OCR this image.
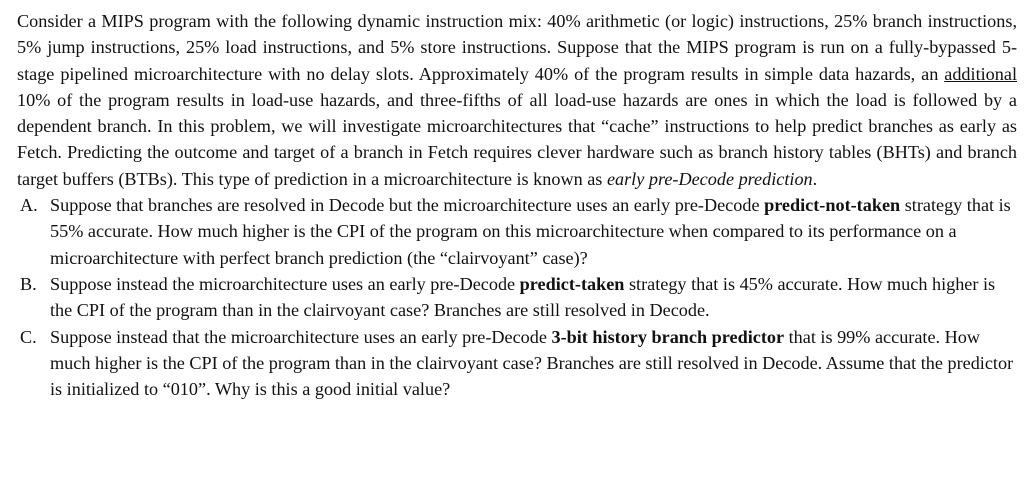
Consider a MIPS program with the following dynamic instruction mix: 40% arithmetic (or logic) instructions, 25% branch instructions, 5% jump instructions, 25% load instructions, and 5% store instructions. Suppose that the MIPS program is run on a fully-bypassed 5-stage pipelined microarchitecture with no delay slots. Approximately 40% of the program results in simple data hazards, an additional 10% of the program results in load-use hazards, and three-fifths of all load-use hazards are ones in which the load is followed by a dependent branch. In this problem, we will investigate microarchitectures that “cache” instructions to help predict branches as early as Fetch. Predicting the outcome and target of a branch in Fetch requires clever hardware such as branch history tables (BHTs) and branch target buffers (BTBs). This type of prediction in a microarchitecture is known as early pre-Decode prediction.

A. Suppose that branches are resolved in Decode but the microarchitecture uses an early pre-Decode predict-not-taken strategy that is 55% accurate. How much higher is the CPI of the program on this microarchitecture when compared to its performance on a microarchitecture with perfect branch prediction (the “clairvoyant” case)?
B. Suppose instead the microarchitecture uses an early pre-Decode predict-taken strategy that is 45% accurate. How much higher is the CPI of the program than in the clairvoyant case? Branches are still resolved in Decode.
C. Suppose instead that the microarchitecture uses an early pre-Decode 3-bit history branch predictor that is 99% accurate. How much higher is the CPI of the program than in the clairvoyant case? Branches are still resolved in Decode. Assume that the predictor is initialized to “010”. Why is this a good initial value?
